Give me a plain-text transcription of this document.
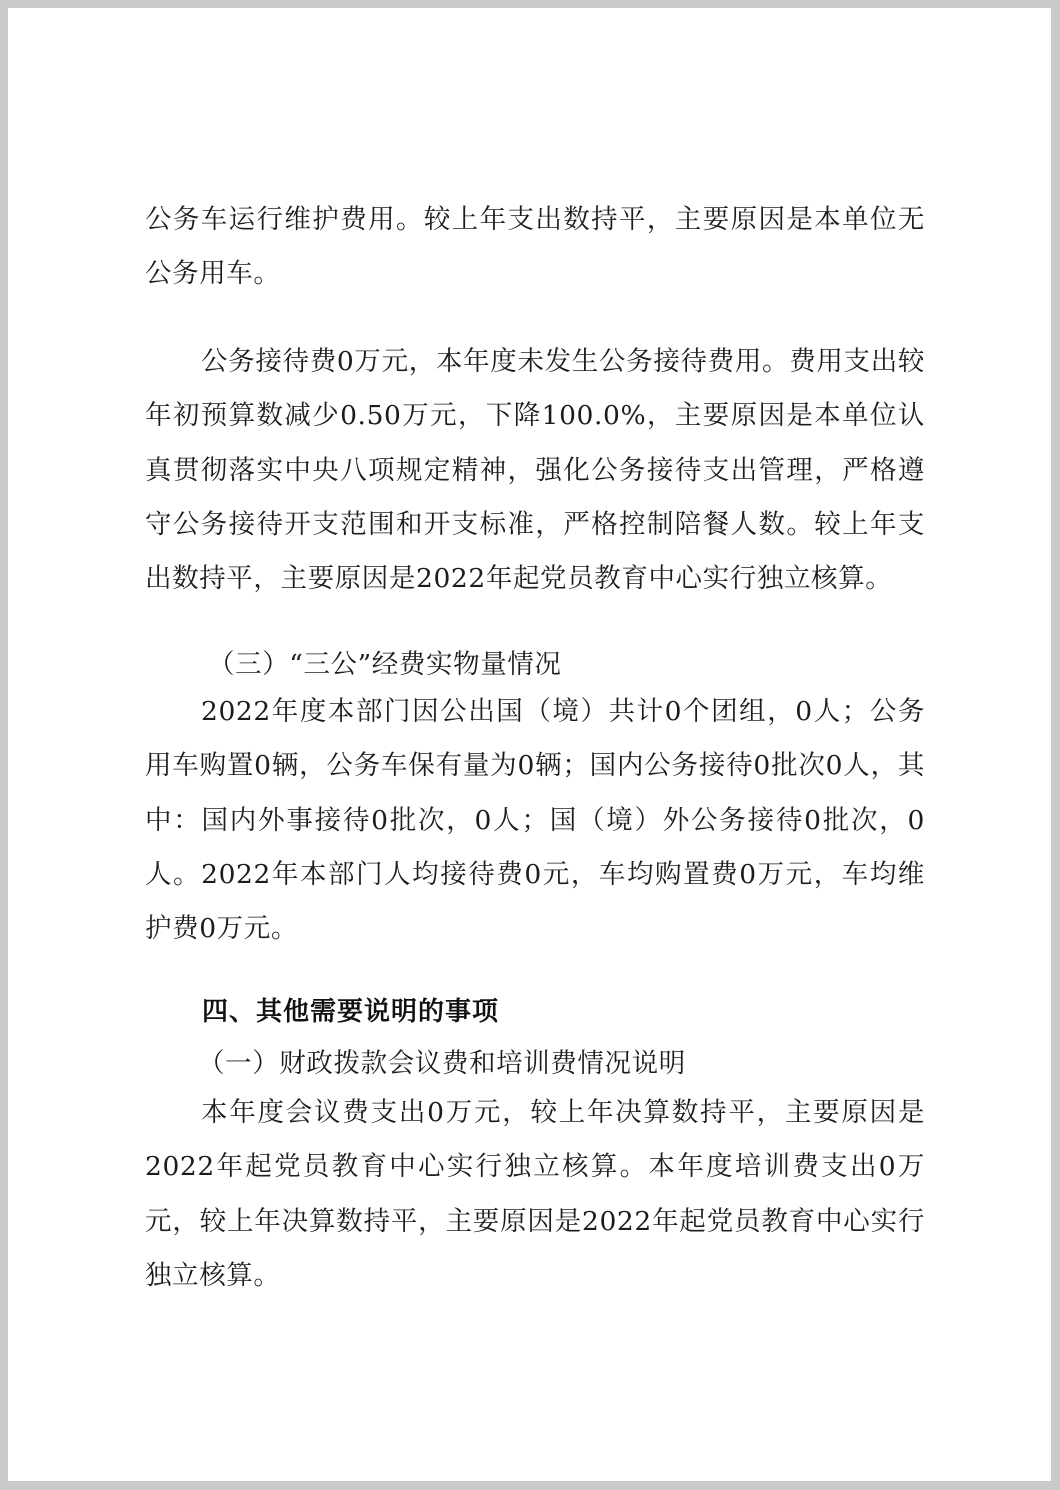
公务车运行维护费用。较上年支出数持平，主要原因是本单位无公务用车。

公务接待费0万元，本年度未发生公务接待费用。费用支出较年初预算数减少0.50万元，下降100.0%，主要原因是本单位认真贯彻落实中央八项规定精神，强化公务接待支出管理，严格遵守公务接待开支范围和开支标准，严格控制陪餐人数。较上年支出数持平，主要原因是2022年起党员教育中心实行独立核算。

（三）“三公”经费实物量情况

2022年度本部门因公出国（境）共计0个团组，0人；公务用车购置0辆，公务车保有量为0辆；国内公务接待0批次0人，其中：国内外事接待0批次，0人；国（境）外公务接待0批次，0人。2022年本部门人均接待费0元，车均购置费0万元，车均维护费0万元。

四、其他需要说明的事项

（一）财政拨款会议费和培训费情况说明

本年度会议费支出0万元，较上年决算数持平，主要原因是2022年起党员教育中心实行独立核算。本年度培训费支出0万元，较上年决算数持平，主要原因是2022年起党员教育中心实行独立核算。
